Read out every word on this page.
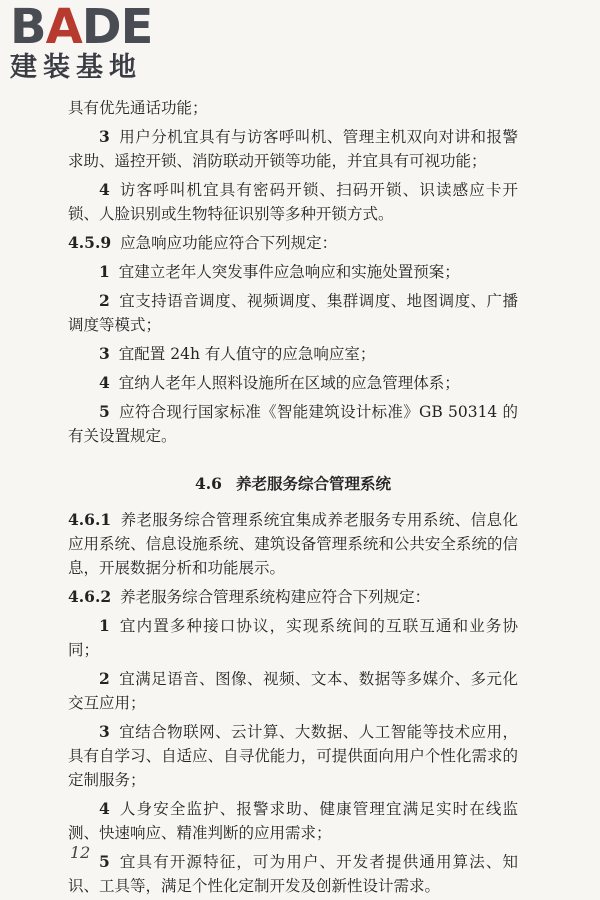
BADE
建装基地

具有优先通话功能；

3 用户分机宜具有与访客呼叫机、管理主机双向对讲和报警求助、遥控开锁、消防联动开锁等功能，并宜具有可视功能；

4 访客呼叫机宜具有密码开锁、扫码开锁、识读感应卡开锁、人脸识别或生物特征识别等多种开锁方式。

4.5.9 应急响应功能应符合下列规定：

1 宜建立老年人突发事件应急响应和实施处置预案；

2 宜支持语音调度、视频调度、集群调度、地图调度、广播调度等模式；

3 宜配置 24h 有人值守的应急响应室；

4 宜纳人老年人照料设施所在区域的应急管理体系；

5 应符合现行国家标准《智能建筑设计标准》GB 50314 的有关设置规定。

4.6 养老服务综合管理系统

4.6.1 养老服务综合管理系统宜集成养老服务专用系统、信息化应用系统、信息设施系统、建筑设备管理系统和公共安全系统的信息，开展数据分析和功能展示。

4.6.2 养老服务综合管理系统构建应符合下列规定：

1 宜内置多种接口协议，实现系统间的互联互通和业务协同；

2 宜满足语音、图像、视频、文本、数据等多媒介、多元化交互应用；

3 宜结合物联网、云计算、大数据、人工智能等技术应用，具有自学习、自适应、自寻优能力，可提供面向用户个性化需求的定制服务；

4 人身安全监护、报警求助、健康管理宜满足实时在线监测、快速响应、精准判断的应用需求；

5 宜具有开源特征，可为用户、开发者提供通用算法、知识、工具等，满足个性化定制开发及创新性设计需求。

12
